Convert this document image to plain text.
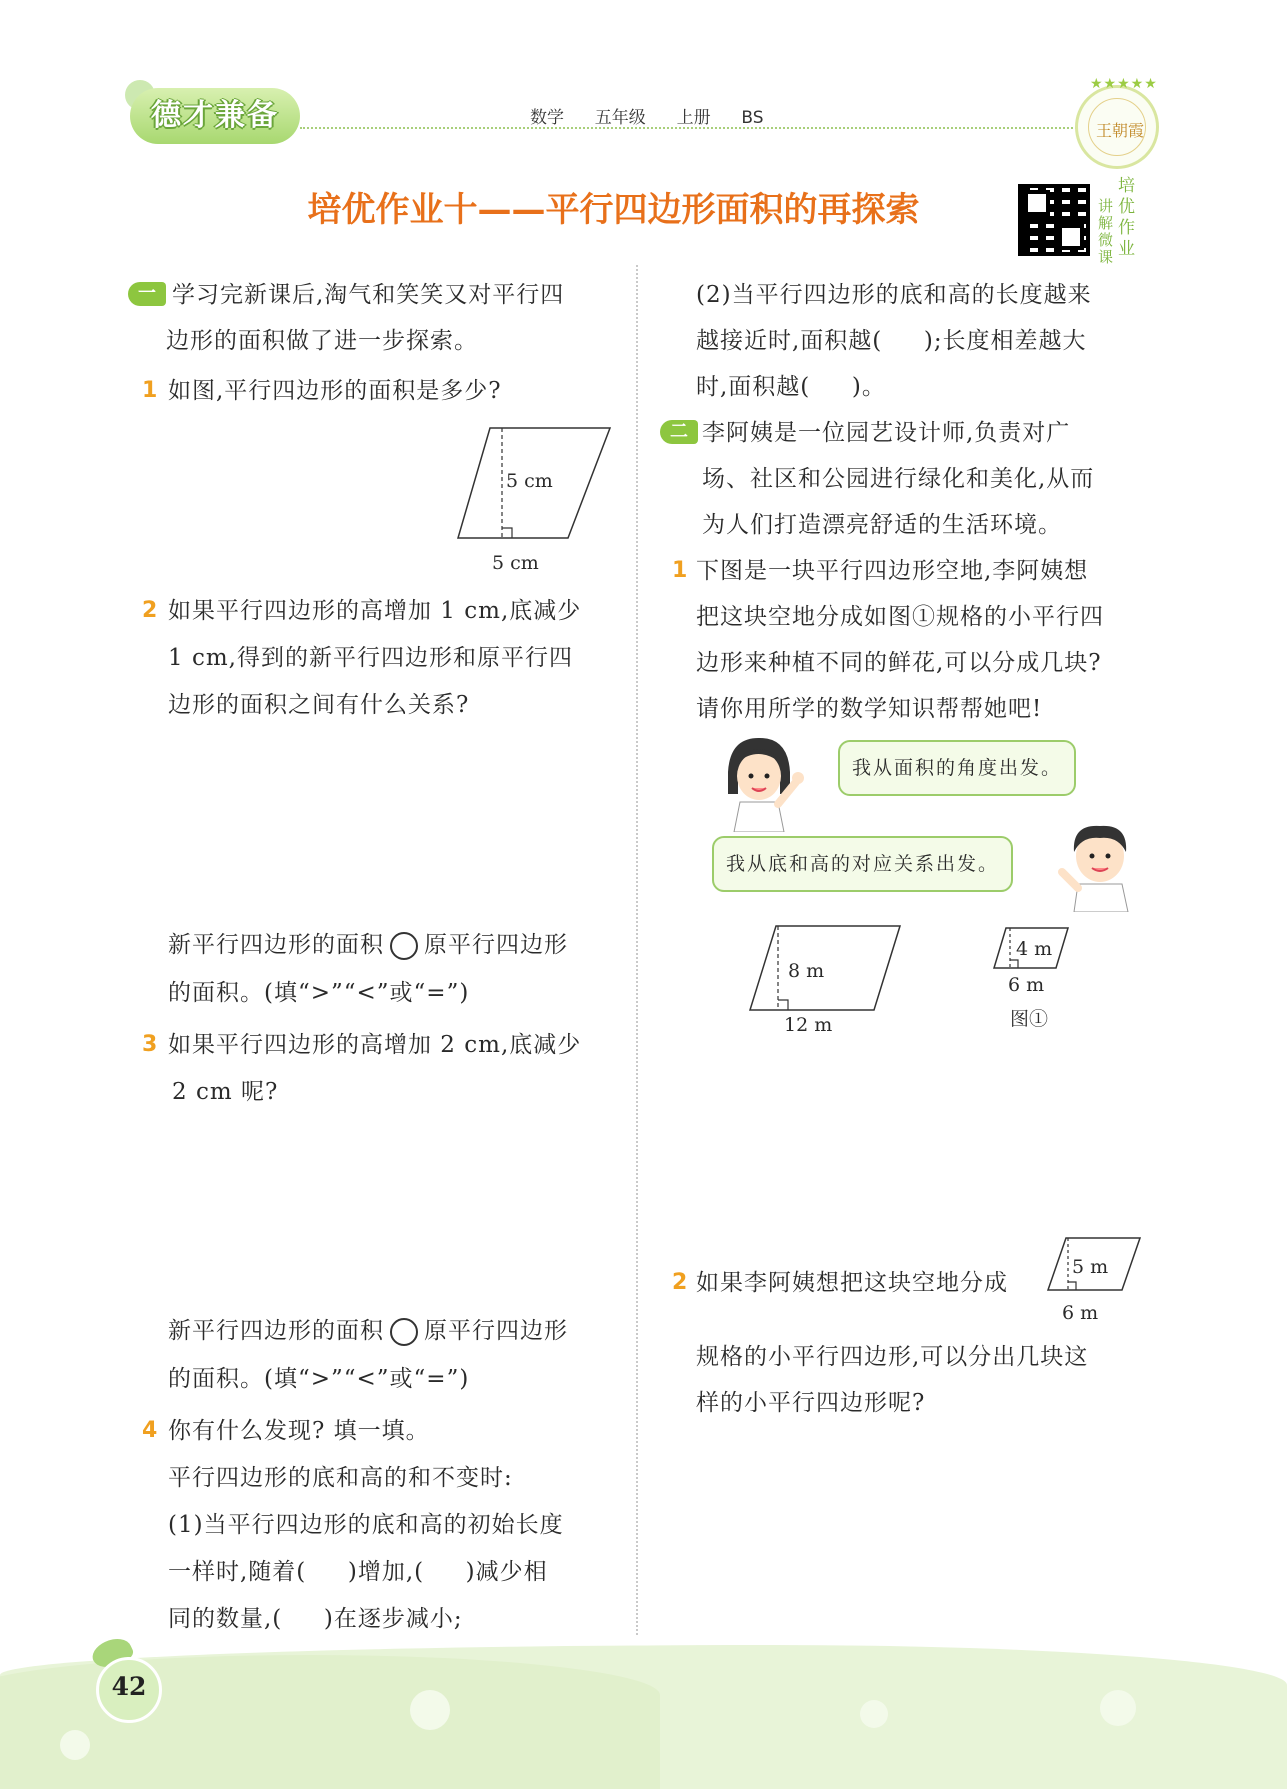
42
德才兼备	数学  五年级  上册  BS
★★★★★
王朝霞
培优作业十——平行四边形面积的再探索	讲解微课
培优作业
一 学习完新课后,淘气和笑笑又对平行四
边形的面积做了进一步探索。
1 如图,平行四边形的面积是多少?
5 cm
5 cm
2 如果平行四边形的高增加 1 cm,底减少
1 cm,得到的新平行四边形和原平行四
边形的面积之间有什么关系?
新平行四边形的面积 原平行四边形
的面积。(填“>”“<”或“=”)
3 如果平行四边形的高增加 2 cm,底减少
2 cm 呢?
新平行四边形的面积 原平行四边形
的面积。(填“>”“<”或“=”)
4 你有什么发现? 填一填。
平行四边形的底和高的和不变时:
(1)当平行四边形的底和高的初始长度
一样时,随着(     )增加,(     )减少相
同的数量,(     )在逐步减小;
(2)当平行四边形的底和高的长度越来
越接近时,面积越(     );长度相差越大
时,面积越(     )。
二 李阿姨是一位园艺设计师,负责对广
场、社区和公园进行绿化和美化,从而
为人们打造漂亮舒适的生活环境。
1 下图是一块平行四边形空地,李阿姨想
把这块空地分成如图①规格的小平行四
边形来种植不同的鲜花,可以分成几块?
请你用所学的数学知识帮帮她吧!
我从面积的角度出发。
我从底和高的对应关系出发。
8 m
12 m
4 m
6 m
图①
2 如果李阿姨想把这块空地分成
5 m
6 m
规格的小平行四边形,可以分出几块这
样的小平行四边形呢?
